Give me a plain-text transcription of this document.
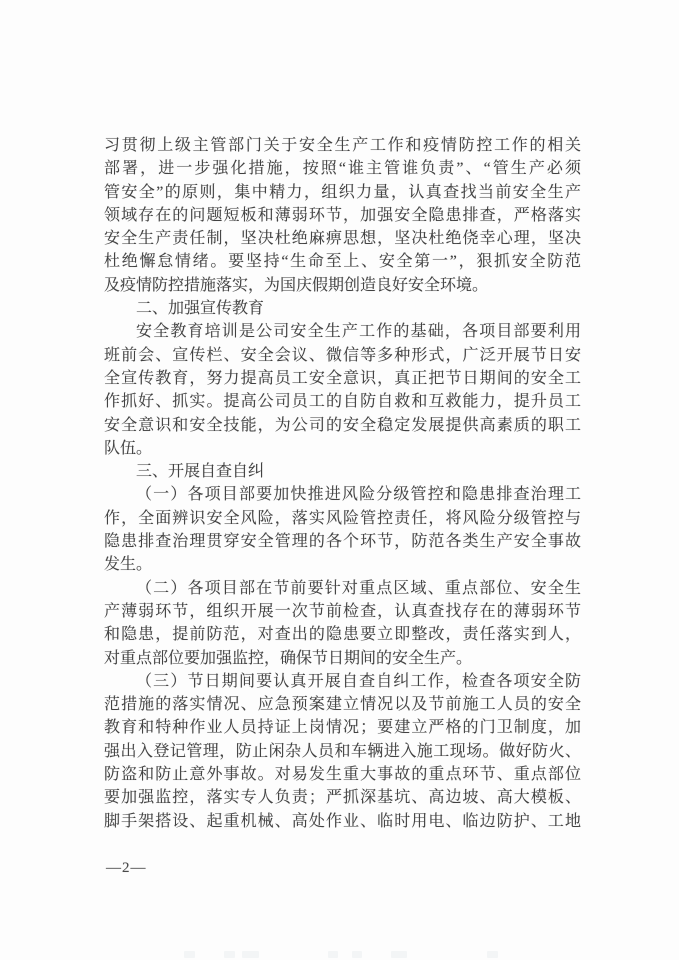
习贯彻上级主管部门关于安全生产工作和疫情防控工作的相关
部署，进一步强化措施，按照“谁主管谁负责”、“管生产必须
管安全”的原则，集中精力，组织力量，认真查找当前安全生产
领域存在的问题短板和薄弱环节，加强安全隐患排查，严格落实
安全生产责任制，坚决杜绝麻痹思想，坚决杜绝侥幸心理，坚决
杜绝懈怠情绪。要坚持“生命至上、安全第一”，狠抓安全防范
及疫情防控措施落实，为国庆假期创造良好安全环境。
二、加强宣传教育
安全教育培训是公司安全生产工作的基础，各项目部要利用
班前会、宣传栏、安全会议、微信等多种形式，广泛开展节日安
全宣传教育，努力提高员工安全意识，真正把节日期间的安全工
作抓好、抓实。提高公司员工的自防自救和互救能力，提升员工
安全意识和安全技能，为公司的安全稳定发展提供高素质的职工
队伍。
三、开展自查自纠
（一）各项目部要加快推进风险分级管控和隐患排查治理工
作，全面辨识安全风险，落实风险管控责任，将风险分级管控与
隐患排查治理贯穿安全管理的各个环节，防范各类生产安全事故
发生。
（二）各项目部在节前要针对重点区域、重点部位、安全生
产薄弱环节，组织开展一次节前检查，认真查找存在的薄弱环节
和隐患，提前防范，对查出的隐患要立即整改，责任落实到人，
对重点部位要加强监控，确保节日期间的安全生产。
（三）节日期间要认真开展自查自纠工作，检查各项安全防
范措施的落实情况、应急预案建立情况以及节前施工人员的安全
教育和特种作业人员持证上岗情况；要建立严格的门卫制度，加
强出入登记管理，防止闲杂人员和车辆进入施工现场。做好防火、
防盗和防止意外事故。对易发生重大事故的重点环节、重点部位
要加强监控，落实专人负责；严抓深基坑、高边坡、高大模板、
脚手架搭设、起重机械、高处作业、临时用电、临边防护、工地
—2—
